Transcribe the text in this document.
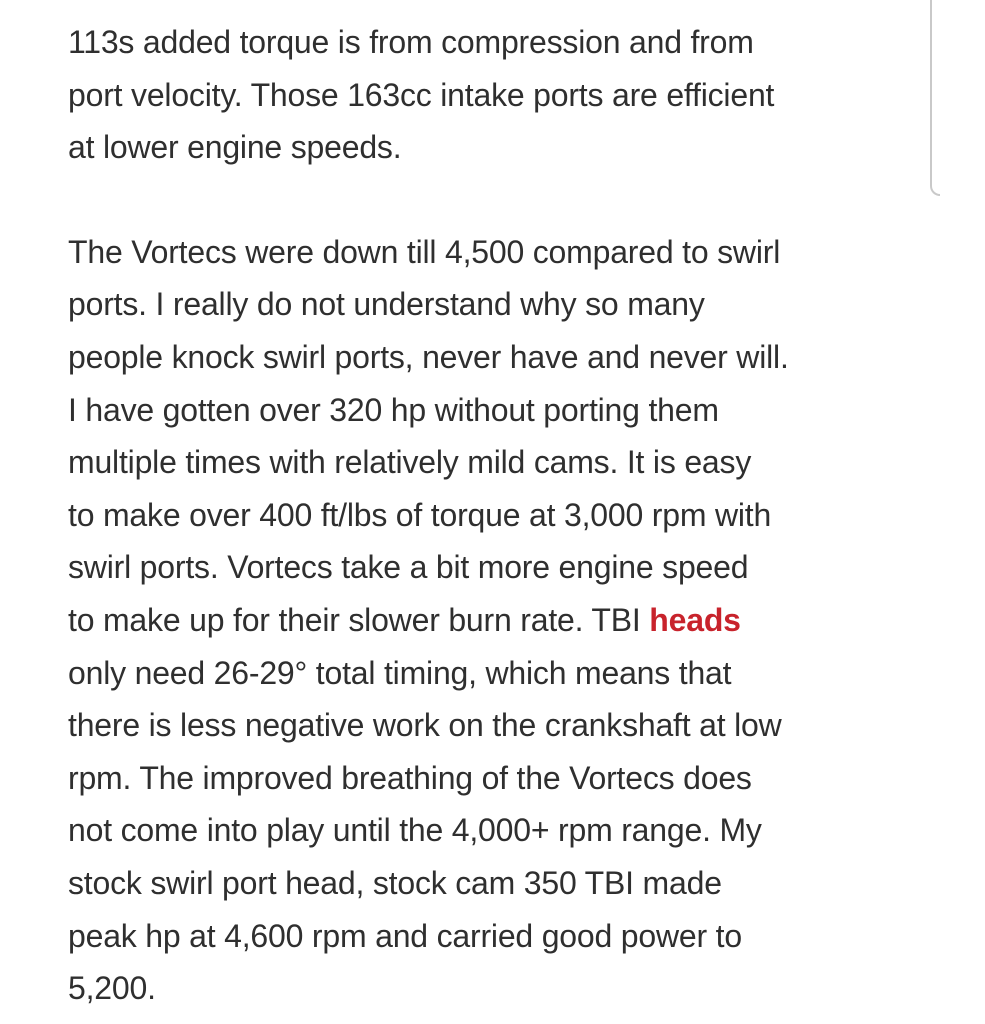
113s added torque is from compression and from
port velocity. Those 163cc intake ports are efficient
at lower engine speeds.
The Vortecs were down till 4,500 compared to swirl
ports. I really do not understand why so many
people knock swirl ports, never have and never will.
I have gotten over 320 hp without porting them
multiple times with relatively mild cams. It is easy
to make over 400 ft/lbs of torque at 3,000 rpm with
swirl ports. Vortecs take a bit more engine speed
to make up for their slower burn rate. TBI heads
only need 26-29° total timing, which means that
there is less negative work on the crankshaft at low
rpm. The improved breathing of the Vortecs does
not come into play until the 4,000+ rpm range. My
stock swirl port head, stock cam 350 TBI made
peak hp at 4,600 rpm and carried good power to
5,200.
